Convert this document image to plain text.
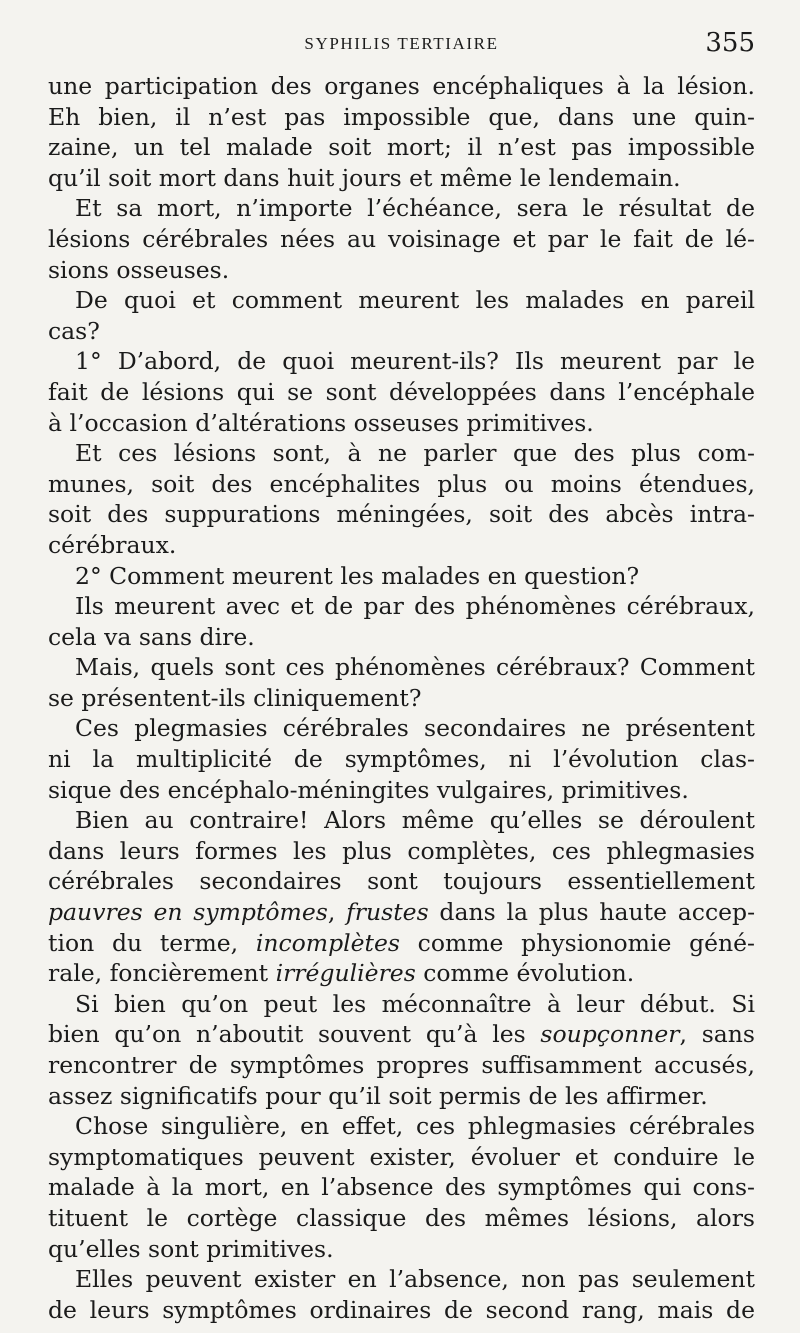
SYPHILIS TERTIAIRE	355
une participation des organes encéphaliques à la lésion.
Eh bien, il n’est pas impossible que, dans une quin-
zaine, un tel malade soit mort; il n’est pas impossible
qu’il soit mort dans huit jours et même le lendemain.
Et sa mort, n’importe l’échéance, sera le résultat de
lésions cérébrales nées au voisinage et par le fait de lé-
sions osseuses.
De quoi et comment meurent les malades en pareil
cas?
1° D’abord, de quoi meurent-ils? Ils meurent par le
fait de lésions qui se sont développées dans l’encéphale
à l’occasion d’altérations osseuses primitives.
Et ces lésions sont, à ne parler que des plus com-
munes, soit des encéphalites plus ou moins étendues,
soit des suppurations méningées, soit des abcès intra-
cérébraux.
2° Comment meurent les malades en question?
Ils meurent avec et de par des phénomènes cérébraux,
cela va sans dire.
Mais, quels sont ces phénomènes cérébraux? Comment
se présentent-ils cliniquement?
Ces plegmasies cérébrales secondaires ne présentent
ni la multiplicité de symptômes, ni l’évolution clas-
sique des encéphalo-méningites vulgaires, primitives.
Bien au contraire! Alors même qu’elles se déroulent
dans leurs formes les plus complètes, ces phlegmasies
cérébrales secondaires sont toujours essentiellement
pauvres en symptômes, frustes dans la plus haute accep-
tion du terme, incomplètes comme physionomie géné-
rale, foncièrement irrégulières comme évolution.
Si bien qu’on peut les méconnaître à leur début. Si
bien qu’on n’aboutit souvent qu’à les soupçonner, sans
rencontrer de symptômes propres suffisamment accusés,
assez significatifs pour qu’il soit permis de les affirmer.
Chose singulière, en effet, ces phlegmasies cérébrales
symptomatiques peuvent exister, évoluer et conduire le
malade à la mort, en l’absence des symptômes qui cons-
tituent le cortège classique des mêmes lésions, alors
qu’elles sont primitives.
Elles peuvent exister en l’absence, non pas seulement
de leurs symptômes ordinaires de second rang, mais de
